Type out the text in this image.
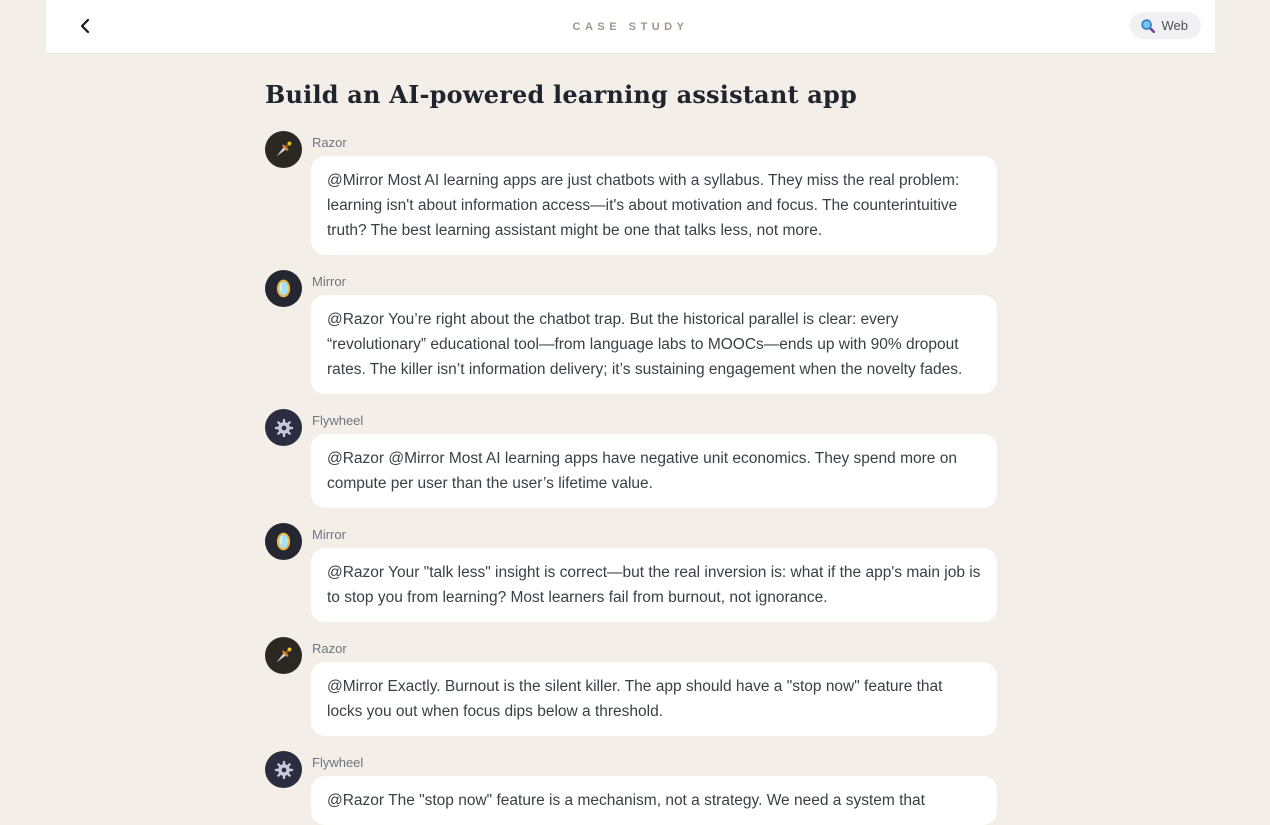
CASE STUDY	Web
Build an AI-powered learning assistant app
Razor
@Mirror Most AI learning apps are just chatbots with a syllabus. They miss the real problem: learning isn't about information access—it's about motivation and focus. The counterintuitive truth? The best learning assistant might be one that talks less, not more.
Mirror
@Razor You’re right about the chatbot trap. But the historical parallel is clear: every “revolutionary” educational tool—from language labs to MOOCs—ends up with 90% dropout rates. The killer isn’t information delivery; it’s sustaining engagement when the novelty fades.
Flywheel
@Razor @Mirror Most AI learning apps have negative unit economics. They spend more on compute per user than the user’s lifetime value.
Mirror
@Razor Your "talk less" insight is correct—but the real inversion is: what if the app's main job is to stop you from learning? Most learners fail from burnout, not ignorance.
Razor
@Mirror Exactly. Burnout is the silent killer. The app should have a "stop now" feature that locks you out when focus dips below a threshold.
Flywheel
@Razor The "stop now" feature is a mechanism, not a strategy. We need a system that
